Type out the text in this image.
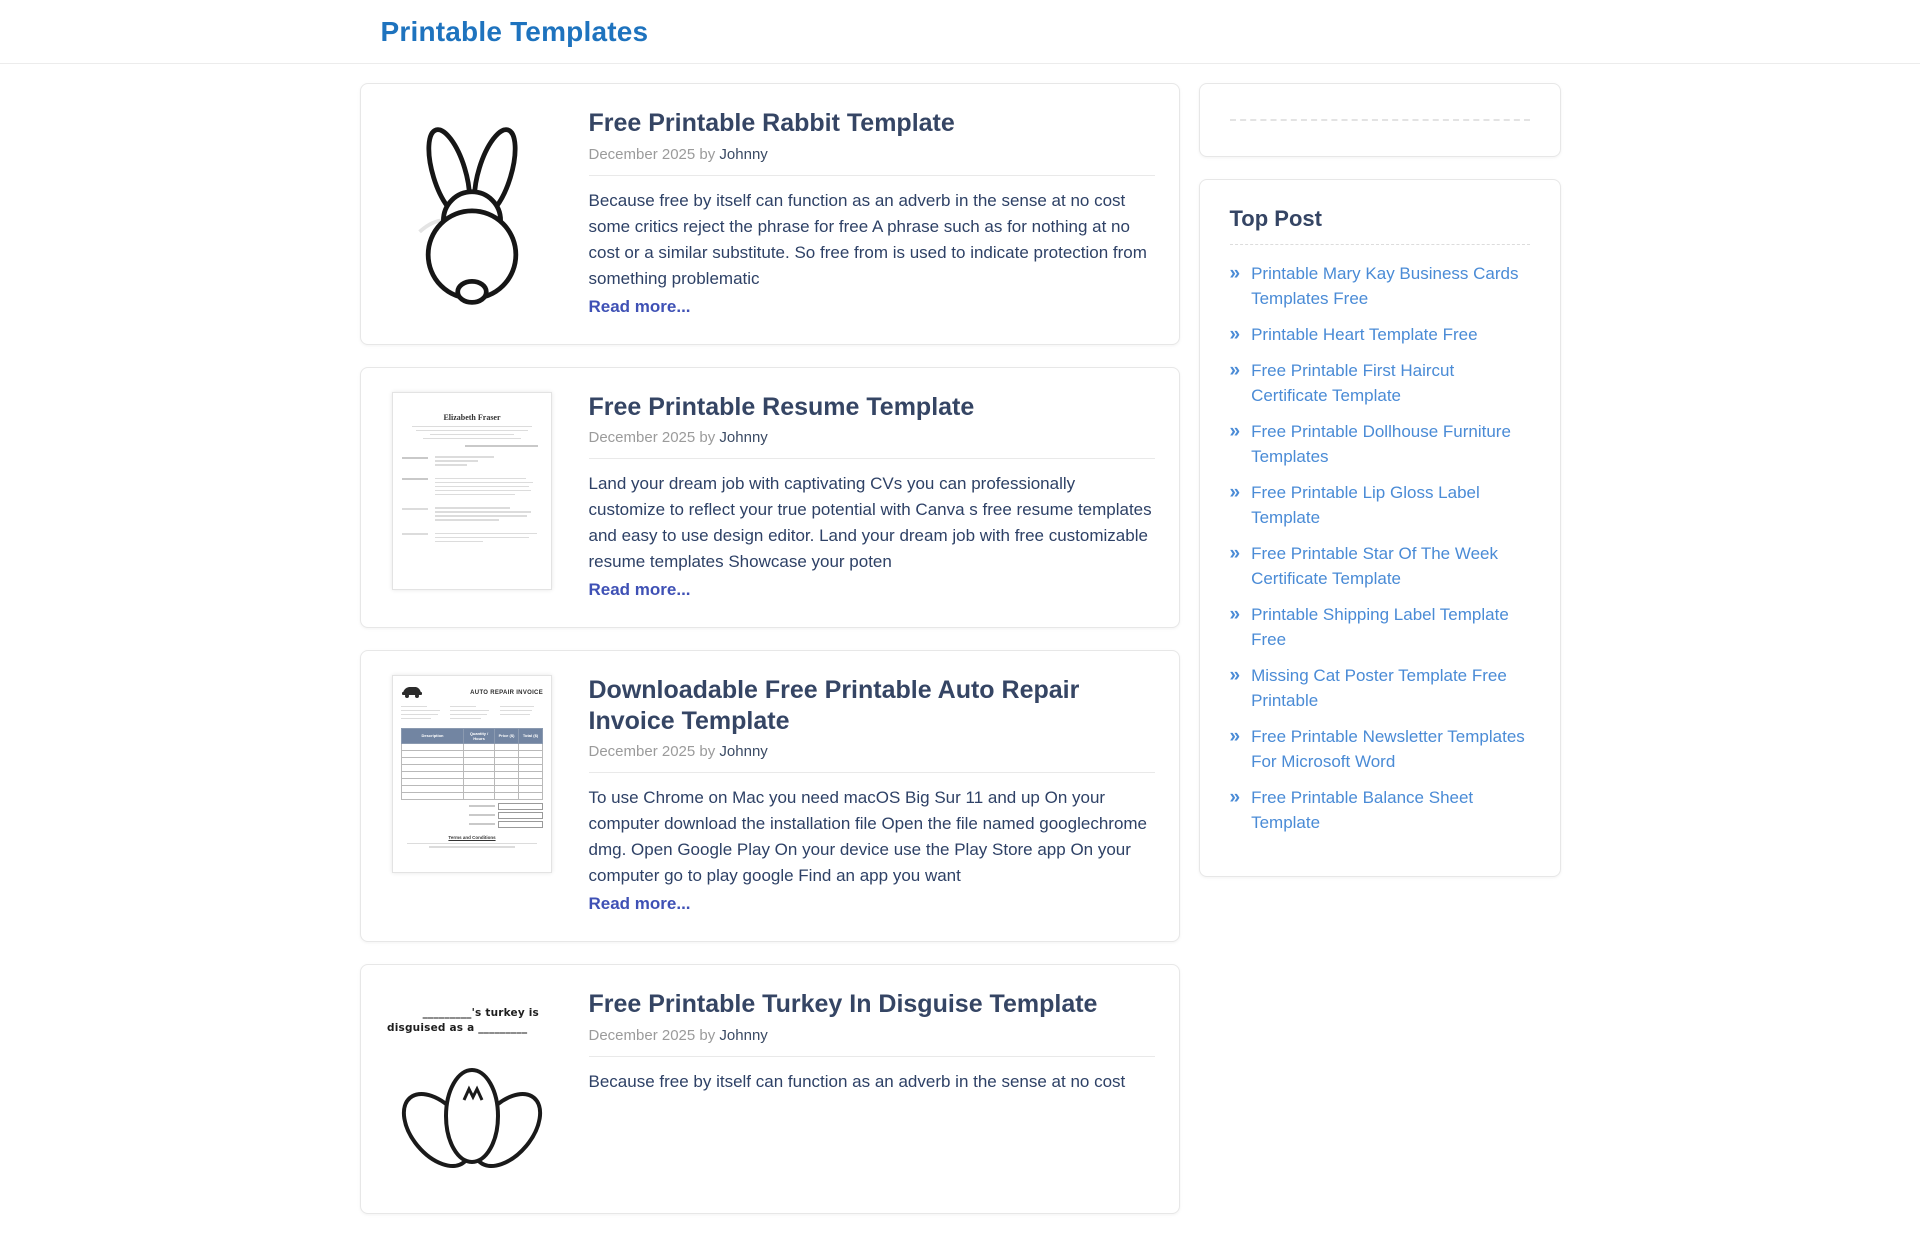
Printable Templates
Free Printable Rabbit Template
December 2025 by Johnny

Because free by itself can function as an adverb in the sense at no cost some critics reject the phrase for free A phrase such as for nothing at no cost or a similar substitute. So free from is used to indicate protection from something problematic

Read more...
Elizabeth Fraser	Free Printable Resume Template
December 2025 by Johnny

Land your dream job with captivating CVs you can professionally customize to reflect your true potential with Canva s free resume templates and easy to use design editor. Land your dream job with free customizable resume templates Showcase your poten

Read more...
AUTO REPAIR INVOICE
Description	Quantity / Hours	Price ($)	Total ($)

Terms and Conditions
Downloadable Free Printable Auto Repair Invoice Template
December 2025 by Johnny

To use Chrome on Mac you need macOS Big Sur 11 and up On your computer download the installation file Open the file named googlechrome dmg. Open Google Play On your device use the Play Store app On your computer go to play google Find an app you want

Read more...
_________'s turkey is
disguised as a _________
Free Printable Turkey In Disguise Template
December 2025 by Johnny

Because free by itself can function as an adverb in the sense at no cost

Top Post
» Printable Mary Kay Business Cards Templates Free
» Printable Heart Template Free
» Free Printable First Haircut Certificate Template
» Free Printable Dollhouse Furniture Templates
» Free Printable Lip Gloss Label Template
» Free Printable Star Of The Week Certificate Template
» Printable Shipping Label Template Free
» Missing Cat Poster Template Free Printable
» Free Printable Newsletter Templates For Microsoft Word
» Free Printable Balance Sheet Template
